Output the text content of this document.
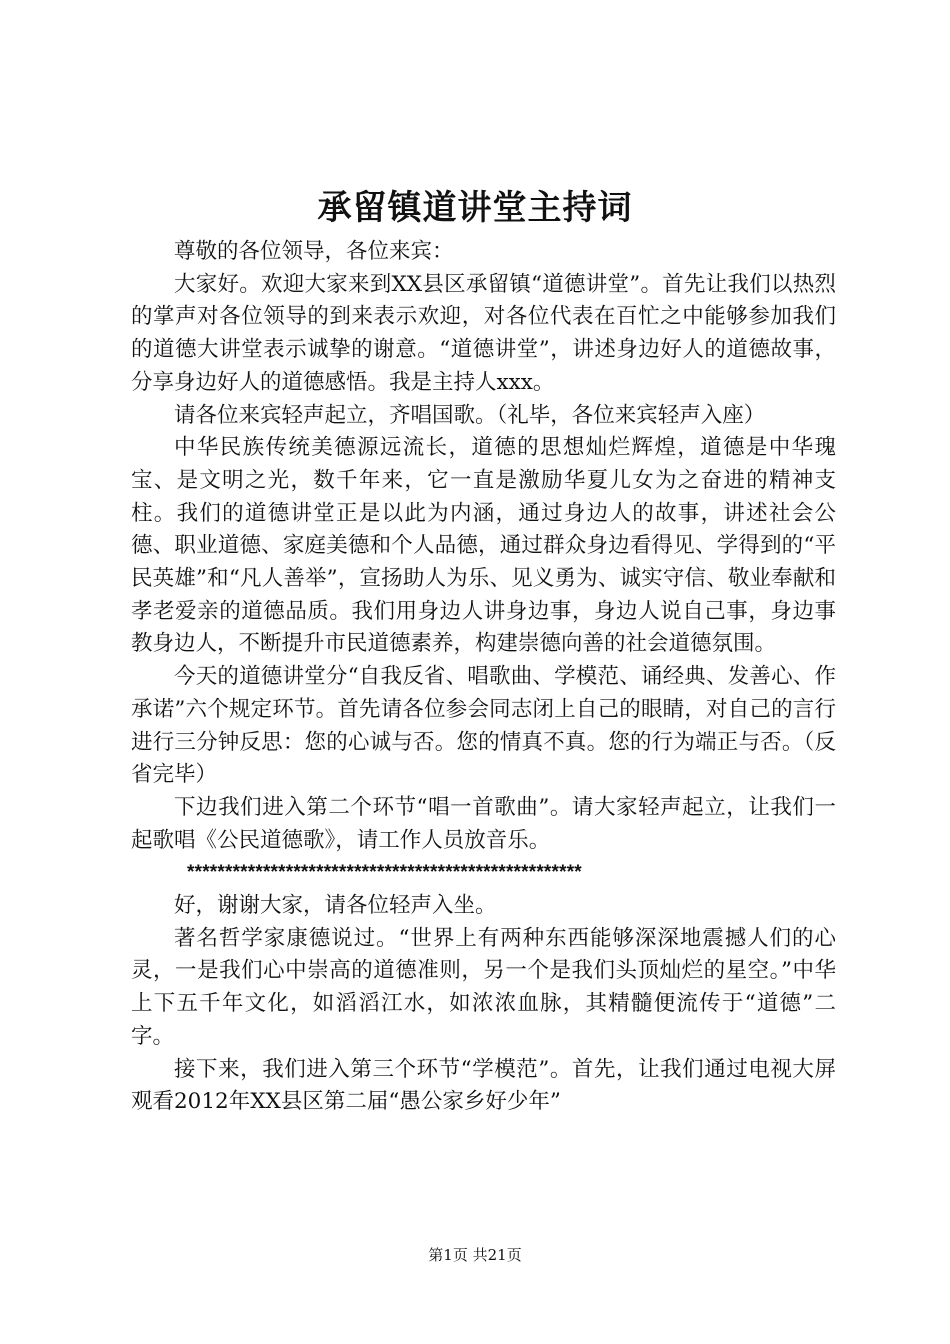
承留镇道讲堂主持词

尊敬的各位领导，各位来宾：

大家好。欢迎大家来到XX县区承留镇“道德讲堂”。首先让我们以热烈的掌声对各位领导的到来表示欢迎，对各位代表在百忙之中能够参加我们的道德大讲堂表示诚挚的谢意。“道德讲堂”，讲述身边好人的道德故事，分享身边好人的道德感悟。我是主持人xxx。

请各位来宾轻声起立，齐唱国歌。（礼毕，各位来宾轻声入座）

中华民族传统美德源远流长，道德的思想灿烂辉煌，道德是中华瑰宝、是文明之光，数千年来，它一直是激励华夏儿女为之奋进的精神支柱。我们的道德讲堂正是以此为内涵，通过身边人的故事，讲述社会公德、职业道德、家庭美德和个人品德，通过群众身边看得见、学得到的“平民英雄”和“凡人善举”，宣扬助人为乐、见义勇为、诚实守信、敬业奉献和孝老爱亲的道德品质。我们用身边人讲身边事，身边人说自己事，身边事教身边人，不断提升市民道德素养，构建崇德向善的社会道德氛围。

今天的道德讲堂分“自我反省、唱歌曲、学模范、诵经典、发善心、作承诺”六个规定环节。首先请各位参会同志闭上自己的眼睛，对自己的言行进行三分钟反思：您的心诚与否。您的情真不真。您的行为端正与否。（反省完毕）

下边我们进入第二个环节“唱一首歌曲”。请大家轻声起立，让我们一起歌唱《公民道德歌》，请工作人员放音乐。

****************************************************

好，谢谢大家，请各位轻声入坐。

著名哲学家康德说过。“世界上有两种东西能够深深地震撼人们的心灵，一是我们心中崇高的道德准则，另一个是我们头顶灿烂的星空。”中华上下五千年文化，如滔滔江水，如浓浓血脉，其精髓便流传于“道德”二字。

接下来，我们进入第三个环节“学模范”。首先，让我们通过电视大屏观看2012年XX县区第二届“愚公家乡好少年”

第1页 共21页
